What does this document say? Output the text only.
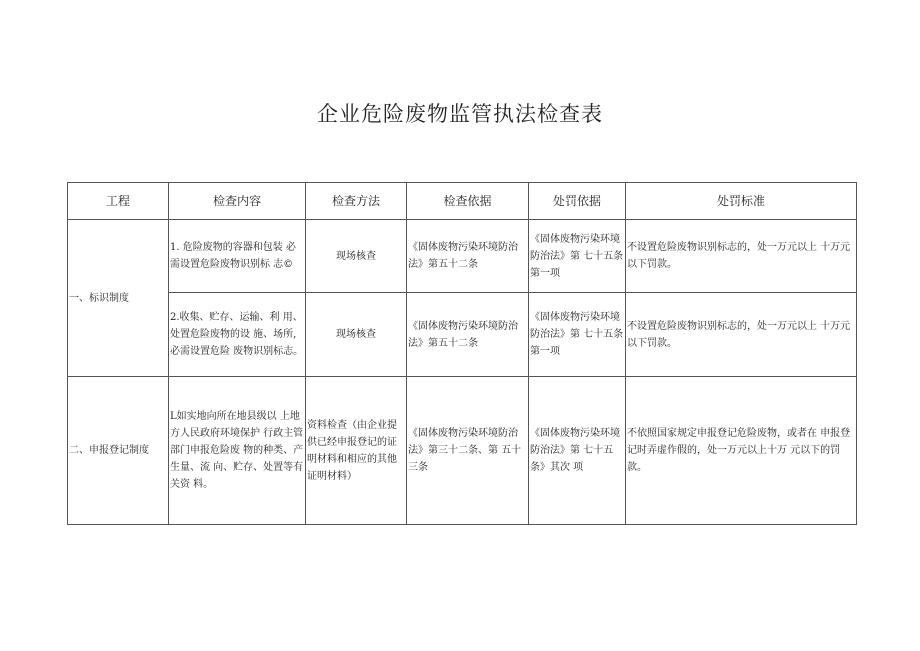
企业危险废物监管执法检查表
工程	检查内容	检查方法	检查依据	处罚依据	处罚标准
一、标识制度	1. 危险废物的容器和包装 必需设置危险废物识别标 志©	现场核查	《固体废物污染环境防治法》第五十二条	《固体废物污染环境防治法》第 七十五条第一项	不设置危险废物识别标志的，处一万元以上 十万元以下罚款。
	2.收集、贮存、运输、利 用、处置危险废物的设 施、场所,必需设置危险 废物识别标志。	现场核查	《固体废物污染环境防治法》第五十二条	《固体废物污染环境防治法》第 七十五条第一项	不设置危险废物识别标志的，处一万元以上 十万元以下罚款。
二、申报登记制度	L如实地向所在地县级以 上地方人民政府环境保护 行政主管部门申报危险废 物的种类、产生量、流 向、贮存、处置等有关资 料。	资料检查（由企业提供已经申报登记的证明材料和相应的其他证明材料）	《固体废物污染环境防治法》第三十二条、第 五十三条	《固体废物污染环境防治法》第 七十五条》其次 项	不依照国家规定申报登记危险废物，或者在 申报登记时弄虚作假的，处一万元以上十万 元以下的罚款。
